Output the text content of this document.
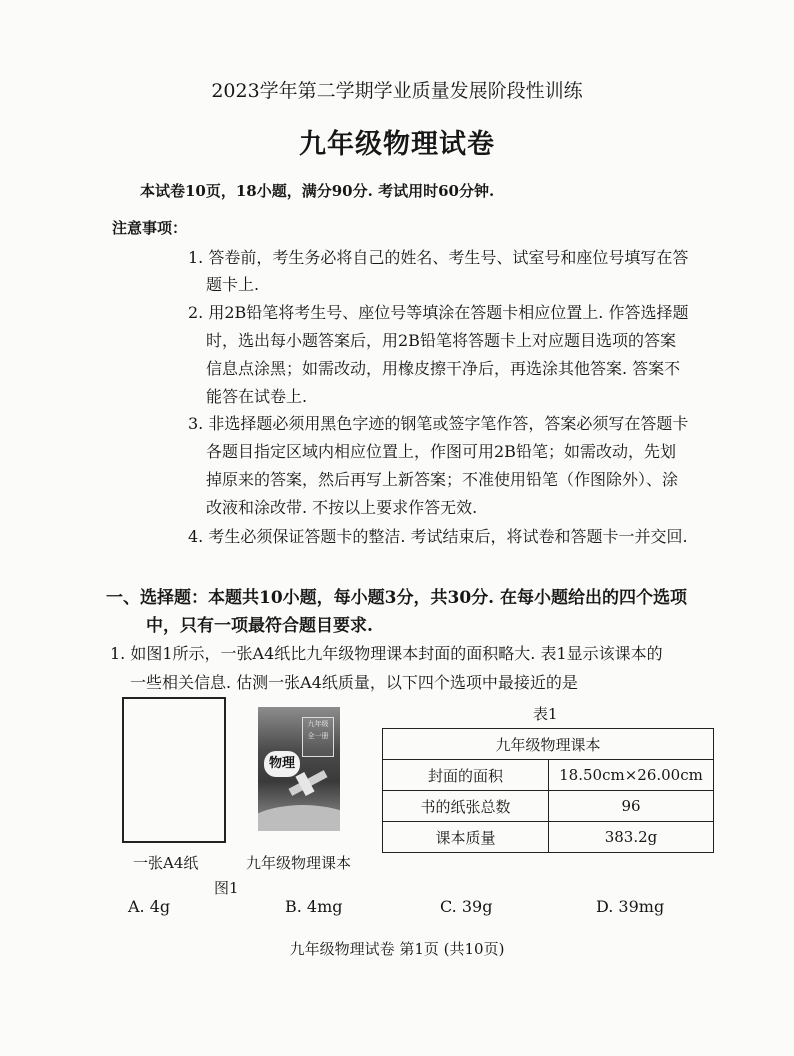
2023学年第二学期学业质量发展阶段性训练
九年级物理试卷
本试卷10页，18小题，满分90分. 考试用时60分钟.
注意事项：
1. 答卷前，考生务必将自己的姓名、考生号、试室号和座位号填写在答
题卡上.
2. 用2B铅笔将考生号、座位号等填涂在答题卡相应位置上. 作答选择题
时，选出每小题答案后，用2B铅笔将答题卡上对应题目选项的答案
信息点涂黑；如需改动，用橡皮擦干净后，再选涂其他答案. 答案不
能答在试卷上.
3. 非选择题必须用黑色字迹的钢笔或签字笔作答，答案必须写在答题卡
各题目指定区域内相应位置上，作图可用2B铅笔；如需改动，先划
掉原来的答案，然后再写上新答案；不准使用铅笔（作图除外）、涂
改液和涂改带. 不按以上要求作答无效.
4. 考生必须保证答题卡的整洁. 考试结束后，将试卷和答题卡一并交回.
一、选择题：本题共10小题，每小题3分，共30分. 在每小题给出的四个选项
中，只有一项最符合题目要求.
1. 如图1所示，一张A4纸比九年级物理课本封面的面积略大. 表1显示该课本的
一些相关信息. 估测一张A4纸质量，以下四个选项中最接近的是
一张A4纸
九年级
全一册
物理
九年级物理课本
图1
表1
九年级物理课本	
封面的面积	18.50cm×26.00cm
书的纸张总数	96
课本质量	383.2g
A. 4g	B. 4mg	C. 39g	D. 39mg
九年级物理试卷 第1页 (共10页)
